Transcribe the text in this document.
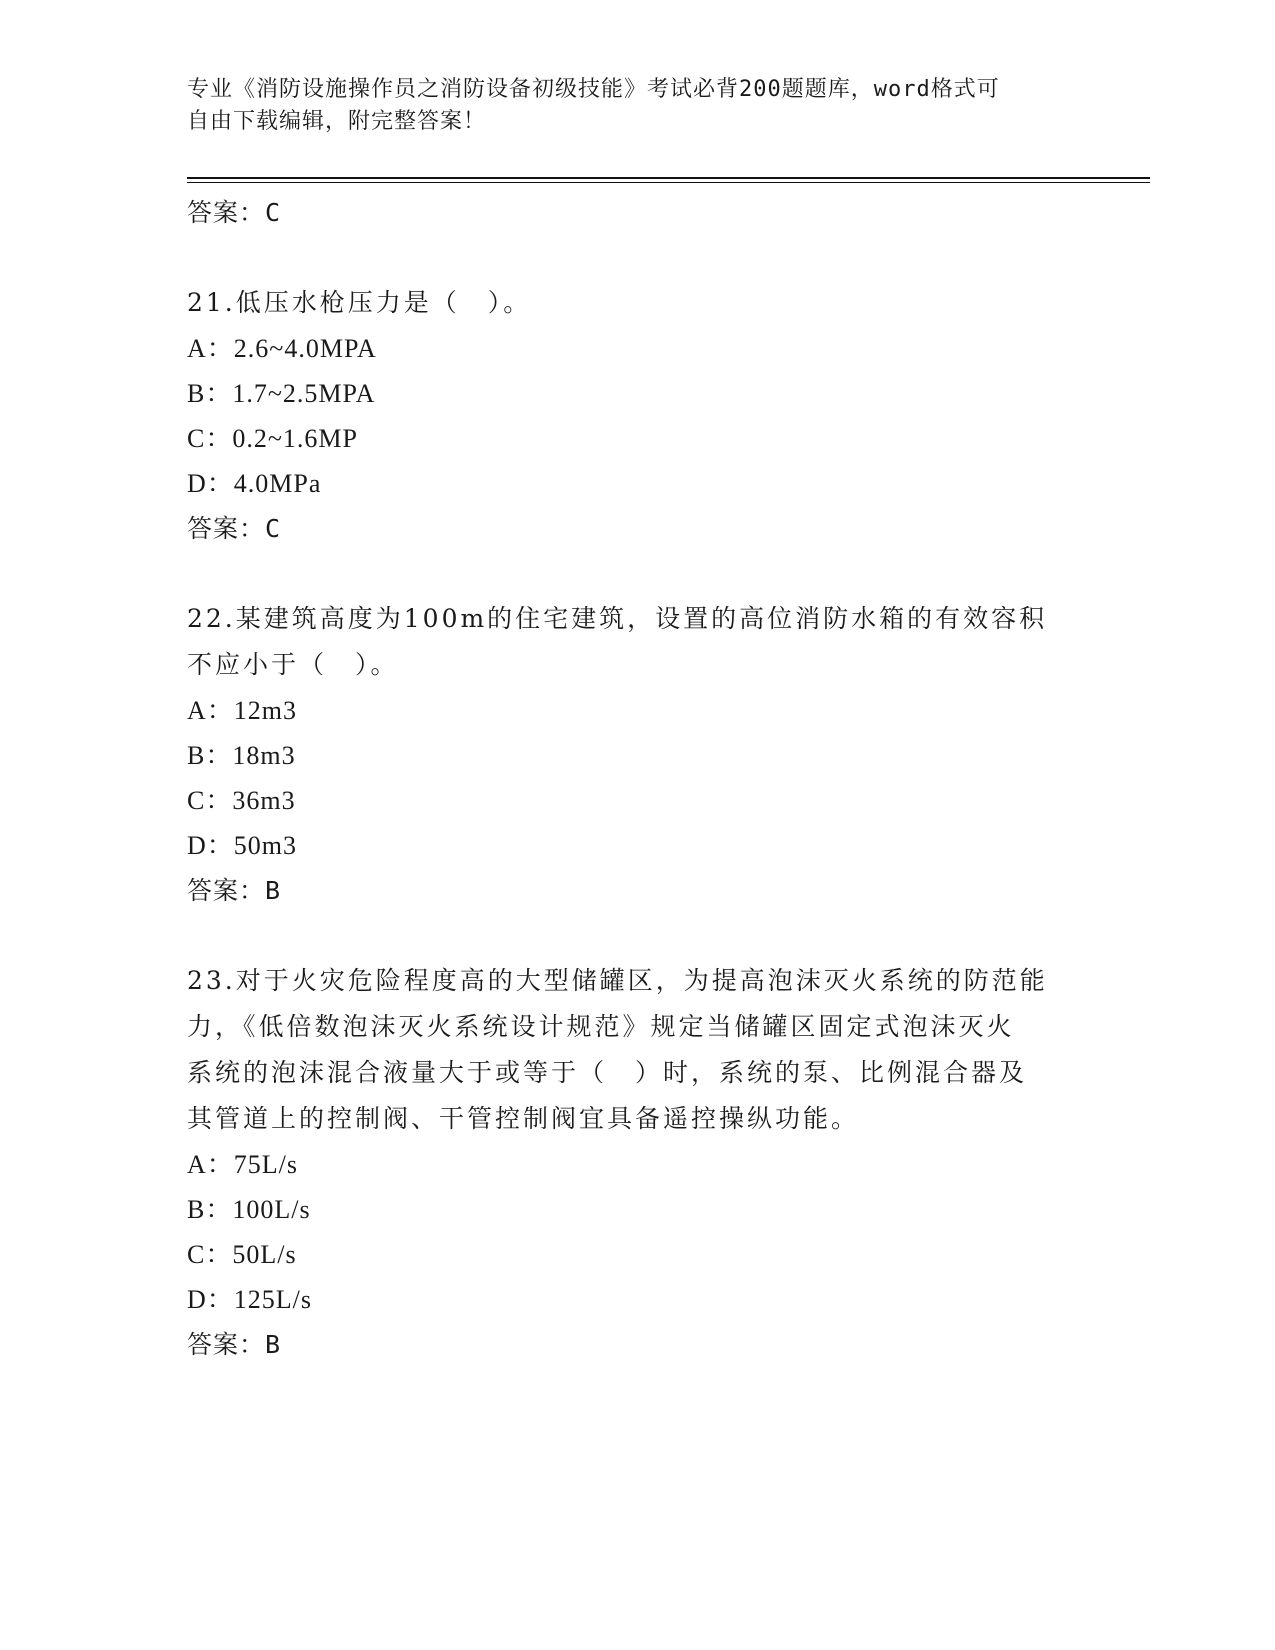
专业《消防设施操作员之消防设备初级技能》考试必背200题题库，word格式可
自由下载编辑，附完整答案！
答案：C
21.低压水枪压力是（　）。
A：2.6~4.0MPA
B：1.7~2.5MPA
C：0.2~1.6MP
D：4.0MPa
答案：C
22.某建筑高度为100m的住宅建筑，设置的高位消防水箱的有效容积
不应小于（　）。
A：12m3
B：18m3
C：36m3
D：50m3
答案：B
23.对于火灾危险程度高的大型储罐区，为提高泡沫灭火系统的防范能
力，《低倍数泡沫灭火系统设计规范》规定当储罐区固定式泡沫灭火
系统的泡沫混合液量大于或等于（　）时，系统的泵、比例混合器及
其管道上的控制阀、干管控制阀宜具备遥控操纵功能。
A：75L/s
B：100L/s
C：50L/s
D：125L/s
答案：B
